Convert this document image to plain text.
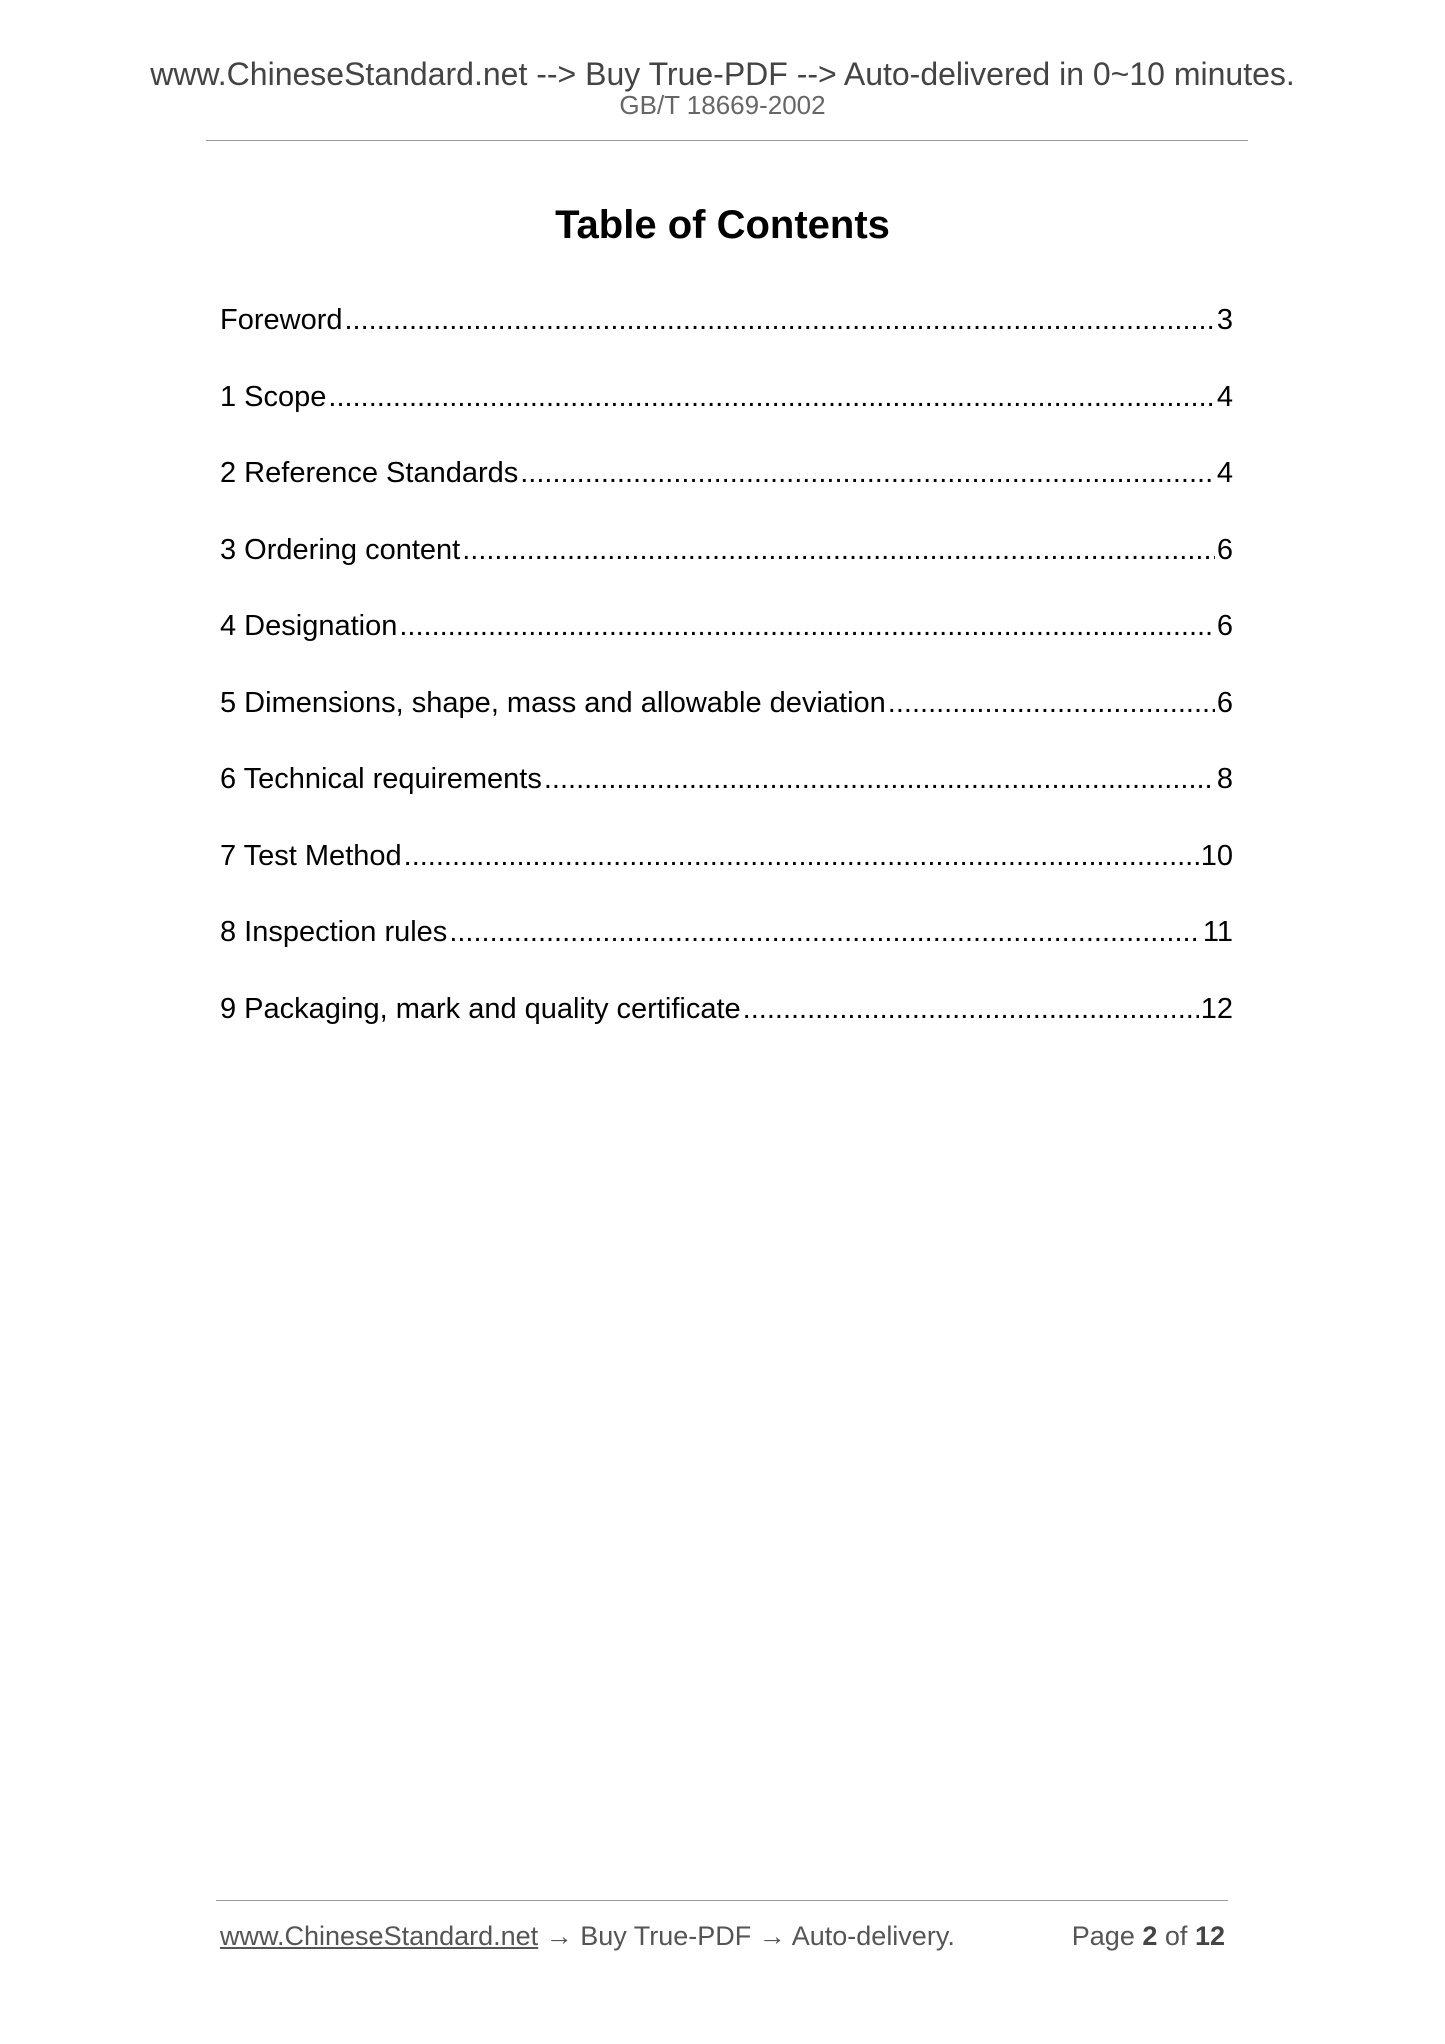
www.ChineseStandard.net --> Buy True-PDF --> Auto-delivered in 0~10 minutes.
GB/T 18669-2002
Table of Contents
Foreword .....	3
1 Scope .....	4
2 Reference Standards .....	4
3 Ordering content .....	6
4 Designation .....	6
5 Dimensions, shape, mass and allowable deviation .....	6
6 Technical requirements .....	8
7 Test Method .....	10
8 Inspection rules .....	11
9 Packaging, mark and quality certificate .....	12
www.ChineseStandard.net → Buy True-PDF → Auto-delivery.	Page 2 of 12
